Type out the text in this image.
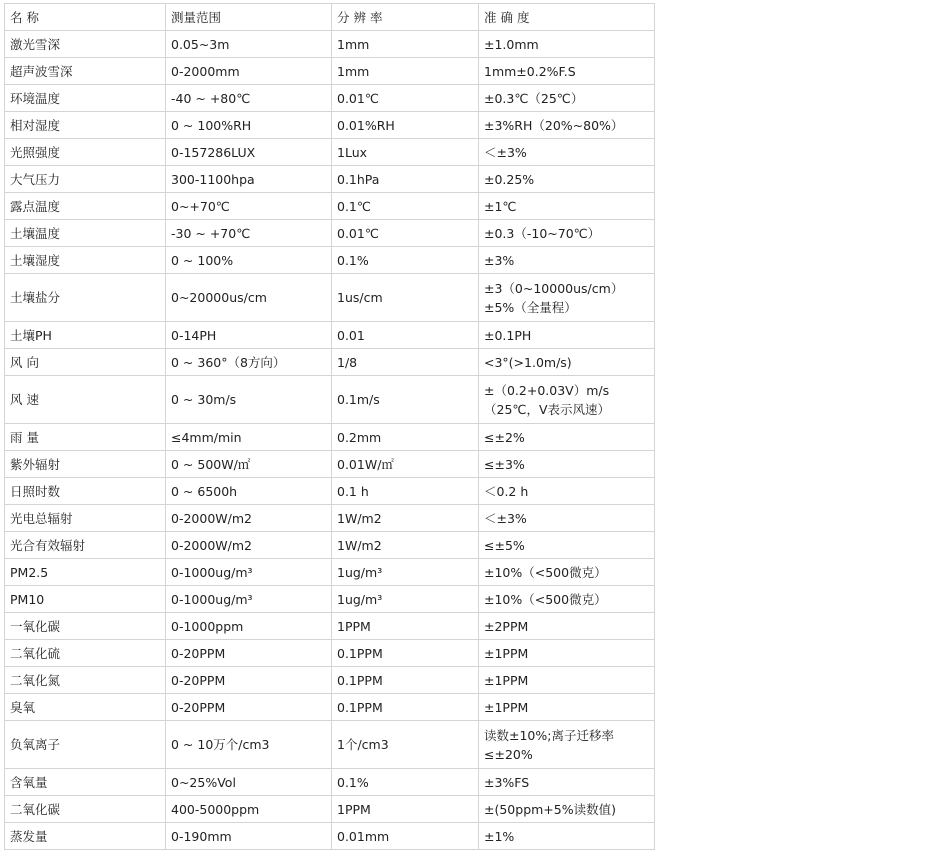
名 称	测量范围	分 辨 率	准 确 度
激光雪深	0.05~3m	1mm	±1.0mm

超声波雪深	0-2000mm	1mm	1mm±0.2%F.S

环境温度	-40 ~ +80℃	0.01℃	±0.3℃（25℃）

相对湿度	0 ~ 100%RH	0.01%RH	±3%RH（20%~80%）

光照强度	0-157286LUX	1Lux	＜±3%

大气压力	300-1100hpa	0.1hPa	±0.25%

露点温度	0~+70℃	0.1℃	±1℃

土壤温度	-30 ~ +70℃	0.01℃	±0.3（-10~70℃）

土壤湿度	0 ~ 100%	0.1%	±3%

土壤盐分	0~20000us/cm	1us/cm	±3（0~10000us/cm）
±5%（全量程）

土壤PH	0-14PH	0.01	±0.1PH

风 向	0 ~ 360°（8方向）	1/8	<3°(>1.0m/s)

风 速	0 ~ 30m/s	0.1m/s	±（0.2+0.03V）m/s
（25℃，V表示风速）

雨 量	≤4mm/min	0.2mm	≤±2%

紫外辐射	0 ~ 500W/㎡	0.01W/㎡	≤±3%

日照时数	0 ~ 6500h	0.1 h	＜0.2 h

光电总辐射	0-2000W/m2	1W/m2	＜±3%

光合有效辐射	0-2000W/m2	1W/m2	≤±5%

PM2.5	0-1000ug/m³	1ug/m³	±10%（<500微克）

PM10	0-1000ug/m³	1ug/m³	±10%（<500微克）

一氧化碳	0-1000ppm	1PPM	±2PPM

二氧化硫	0-20PPM	0.1PPM	±1PPM

二氧化氮	0-20PPM	0.1PPM	±1PPM

臭氧	0-20PPM	0.1PPM	±1PPM

负氧离子	0 ~ 10万个/cm3	1个/cm3	读数±10%;离子迁移率
≤±20%

含氧量	0~25%Vol	0.1%	±3%FS

二氧化碳	400-5000ppm	1PPM	±(50ppm+5%读数值)

蒸发量	0-190mm	0.01mm	±1%
